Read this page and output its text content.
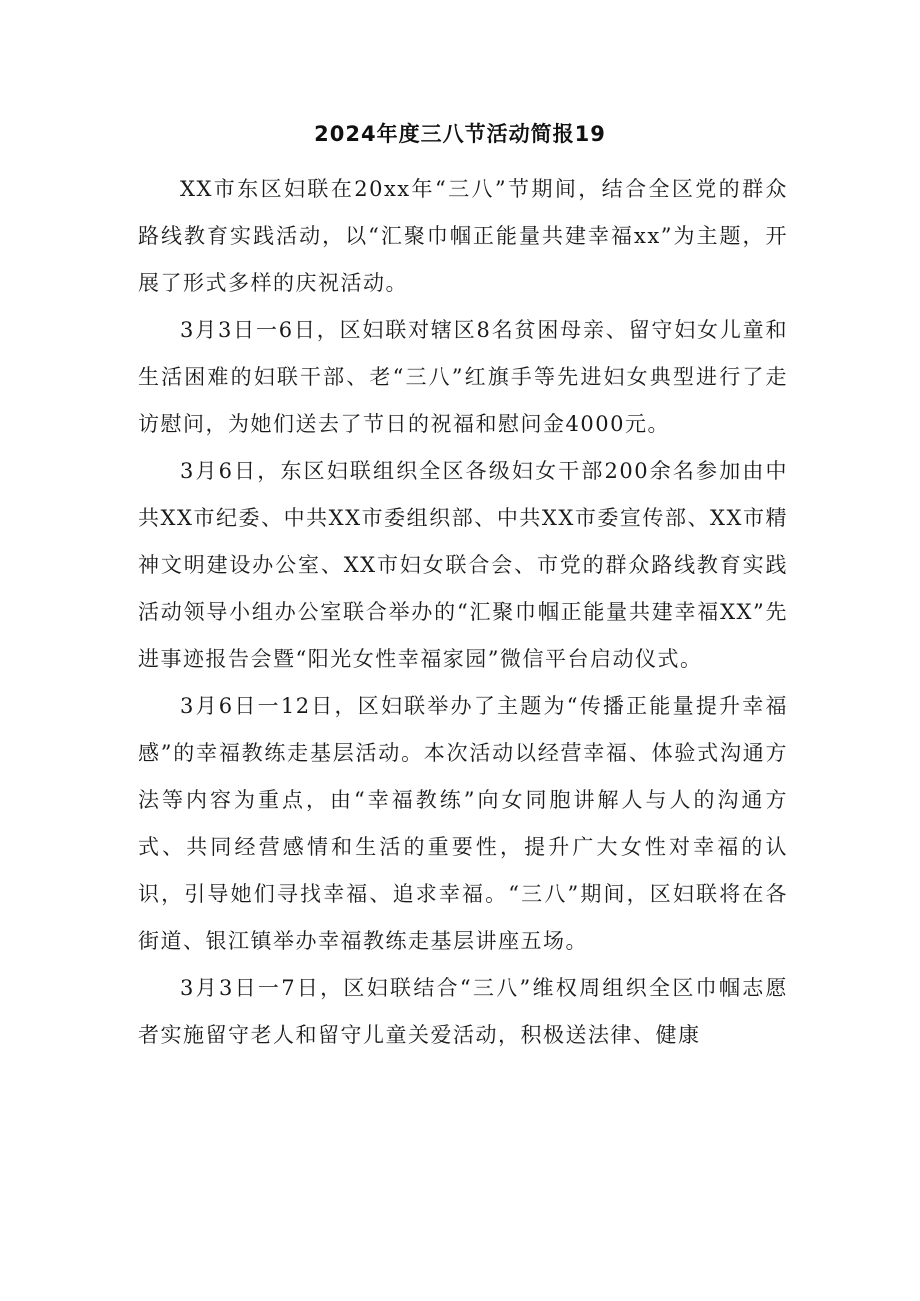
2024年度三八节活动简报19

XX市东区妇联在20xx年“三八”节期间，结合全区党的群众路线教育实践活动，以“汇聚巾帼正能量共建幸福xx”为主题，开展了形式多样的庆祝活动。

3月3日一6日，区妇联对辖区8名贫困母亲、留守妇女儿童和生活困难的妇联干部、老“三八”红旗手等先进妇女典型进行了走访慰问，为她们送去了节日的祝福和慰问金4000元。

3月6日，东区妇联组织全区各级妇女干部200余名参加由中共XX市纪委、中共XX市委组织部、中共XX市委宣传部、XX市精神文明建设办公室、XX市妇女联合会、市党的群众路线教育实践活动领导小组办公室联合举办的“汇聚巾帼正能量共建幸福XX”先进事迹报告会暨“阳光女性幸福家园”微信平台启动仪式。

3月6日一12日，区妇联举办了主题为“传播正能量提升幸福感”的幸福教练走基层活动。本次活动以经营幸福、体验式沟通方法等内容为重点，由“幸福教练”向女同胞讲解人与人的沟通方式、共同经营感情和生活的重要性，提升广大女性对幸福的认识，引导她们寻找幸福、追求幸福。“三八”期间，区妇联将在各街道、银江镇举办幸福教练走基层讲座五场。

3月3日一7日，区妇联结合“三八”维权周组织全区巾帼志愿者实施留守老人和留守儿童关爱活动，积极送法律、健康
